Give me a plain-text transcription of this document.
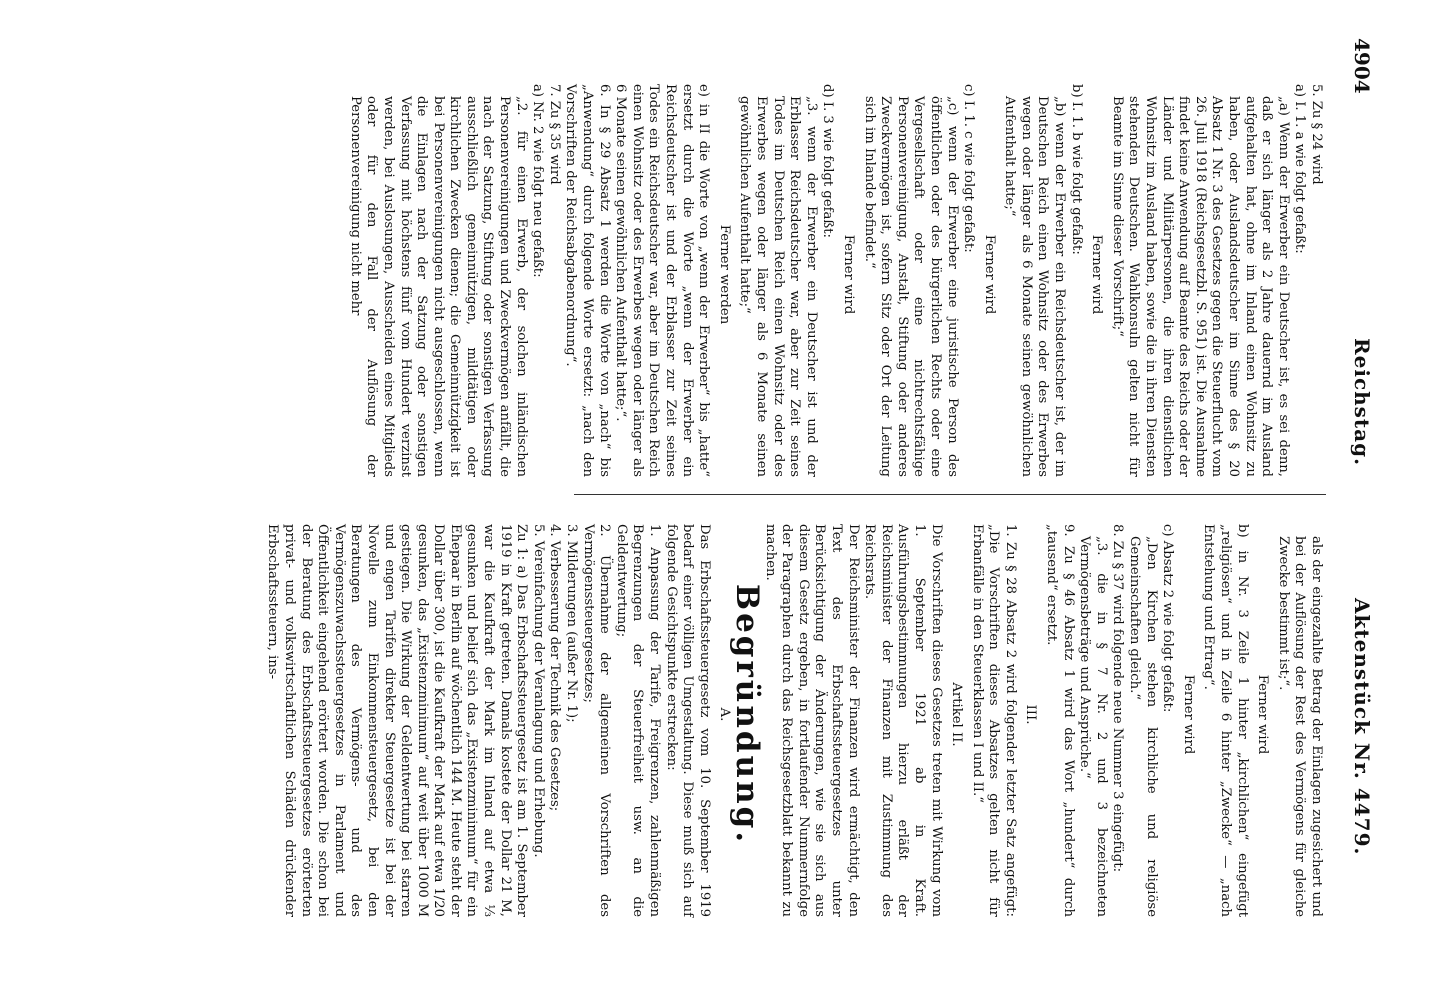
4904
Reichstag.
Aktenstück Nr. 4479.

5. Zu § 24 wird

a) I. 1. a wie folgt gefaßt:

„a) Wenn der Erwerber ein Deutscher ist, es sei denn, daß er sich länger als 2 Jahre dauernd im Ausland aufgehalten hat, ohne im Inland einen Wohnsitz zu haben, oder Auslandsdeutscher im Sinne des § 20 Absatz 1 Nr. 3 des Gesetzes gegen die Steuerflucht vom 26. Juli 1918 (Reichsgesetzbl. S. 951) ist. Die Ausnahme findet keine Anwendung auf Beamte des Reichs oder der Länder und Militärpersonen, die ihren dienstlichen Wohnsitz im Ausland haben, sowie die in ihren Diensten stehenden Deutschen. Wahlkonsuln gelten nicht für Beamte im Sinne dieser Vorschrift;“

Ferner wird

b) I. 1. b wie folgt gefaßt:

„b) wenn der Erwerber ein Reichsdeutscher ist, der im Deutschen Reich einen Wohnsitz oder des Erwerbes wegen oder länger als 6 Monate seinen gewöhnlichen Aufenthalt hatte;“

Ferner wird

c) I. 1. c wie folgt gefaßt:

„c) wenn der Erwerber eine juristische Person des öffentlichen oder des bürgerlichen Rechts oder eine Vergesellschaft oder eine nichtrechtsfähige Personenvereinigung, Anstalt, Stiftung oder anderes Zweckvermögen ist, sofern Sitz oder Ort der Leitung sich im Inlande befindet.“

Ferner wird

d) I. 3 wie folgt gefaßt:

„3. wenn der Erwerber ein Deutscher ist und der Erblasser Reichsdeutscher war, aber zur Zeit seines Todes im Deutschen Reich einen Wohnsitz oder des Erwerbes wegen oder länger als 6 Monate seinen gewöhnlichen Aufenthalt hatte;“

Ferner werden

e) in II die Worte von „wenn der Erwerber“ bis „hatte“ ersetzt durch die Worte „wenn der Erwerber ein Reichsdeutscher ist und der Erblasser zur Zeit seines Todes ein Reichsdeutscher war, aber im Deutschen Reich einen Wohnsitz oder des Erwerbes wegen oder länger als 6 Monate seinen gewöhnlichen Aufenthalt hatte;“.

6. In § 29 Absatz 1 werden die Worte von „nach“ bis „Anwendung“ durch folgende Worte ersetzt: „nach den Vorschriften der Reichsabgabenordnung“.

7. Zu § 35 wird

a) Nr. 2 wie folgt neu gefaßt:

„2. für einen Erwerb, der solchen inländischen Personenvereinigungen und Zweckvermögen anfällt, die nach der Satzung, Stiftung oder sonstigen Verfassung ausschließlich gemeinnützigen, mildtätigen oder kirchlichen Zwecken dienen; die Gemeinnützigkeit ist bei Personenvereinigungen nicht ausgeschlossen, wenn die Einlagen nach der Satzung oder sonstigen Verfassung mit höchstens fünf vom Hundert verzinst werden, bei Auslosungen, Ausscheiden eines Mitglieds oder für den Fall der Auflösung der Personenvereinigung nicht mehr

als der eingezahlte Betrag der Einlagen zugesichert und bei der Auflösung der Rest des Vermögens für gleiche Zwecke bestimmt ist;“.

Ferner wird

b) in Nr. 3 Zeile 1 hinter „kirchlichen“ eingefügt „religiösen“ und in Zeile 6 hinter „Zwecke“ — „nach Entstehung und Ertrag“.

Ferner wird

c) Absatz 2 wie folgt gefaßt:

„Den Kirchen stehen kirchliche und religiöse Gemeinschaften gleich.“

8. Zu § 37 wird folgende neue Nummer 3 eingefügt:

„3. die in § 7 Nr. 2 und 3 bezeichneten Vermögensbeträge und Ansprüche.“

9. Zu § 46 Absatz 1 wird das Wort „hundert“ durch „tausend“ ersetzt.

III.

1. Zu § 28 Absatz 2 wird folgender letzter Satz angefügt: „Die Vorschriften dieses Absatzes gelten nicht für Erbanfälle in den Steuerklassen I und II.“

Artikel II.

Die Vorschriften dieses Gesetzes treten mit Wirkung vom 1. September 1921 ab in Kraft. Ausführungsbestimmungen hierzu erläßt der Reichsminister der Finanzen mit Zustimmung des Reichsrats.

Der Reichsminister der Finanzen wird ermächtigt, den Text des Erbschaftssteuergesetzes unter Berücksichtigung der Änderungen, wie sie sich aus diesem Gesetz ergeben, in fortlaufender Nummernfolge der Paragraphen durch das Reichsgesetzblatt bekannt zu machen.

Begründung.

A.

Das Erbschaftssteuergesetz vom 10. September 1919 bedarf einer völligen Umgestaltung. Diese muß sich auf folgende Gesichtspunkte erstrecken:

1. Anpassung der Tarife, Freigrenzen, zahlenmäßigen Begrenzungen der Steuerfreiheit usw. an die Geldentwertung;

2. Übernahme der allgemeinen Vorschriften des Vermögenssteuergesetzes;

3. Milderungen (außer Nr. 1);

4. Verbesserung der Technik des Gesetzes;

5. Vereinfachung der Veranlagung und Erhebung.

Zu 1: a) Das Erbschaftssteuergesetz ist am 1. September 1919 in Kraft getreten. Damals kostete der Dollar 21 M, war die Kaufkraft der Mark im Inland auf etwa ⅓ gesunken und belief sich das „Existenzminimum“ für ein Ehepaar in Berlin auf wöchentlich 144 M. Heute steht der Dollar über 300, ist die Kaufkraft der Mark auf etwa 1/20 gesunken, das „Existenzminimum“ auf weit über 1000 M gestiegen. Die Wirkung der Geldentwertung bei starren und engen Tarifen direkter Steuergesetze ist bei der Novelle zum Einkommensteuergesetz, bei den Beratungen des Vermögens- und des Vermögenszuwachssteuergesetzes in Parlament und Öffentlichkeit eingehend erörtert worden. Die schon bei der Beratung des Erbschaftssteuergesetzes erörterten privat- und volkswirtschaftlichen Schäden drückender Erbschaftssteuern, ins-
